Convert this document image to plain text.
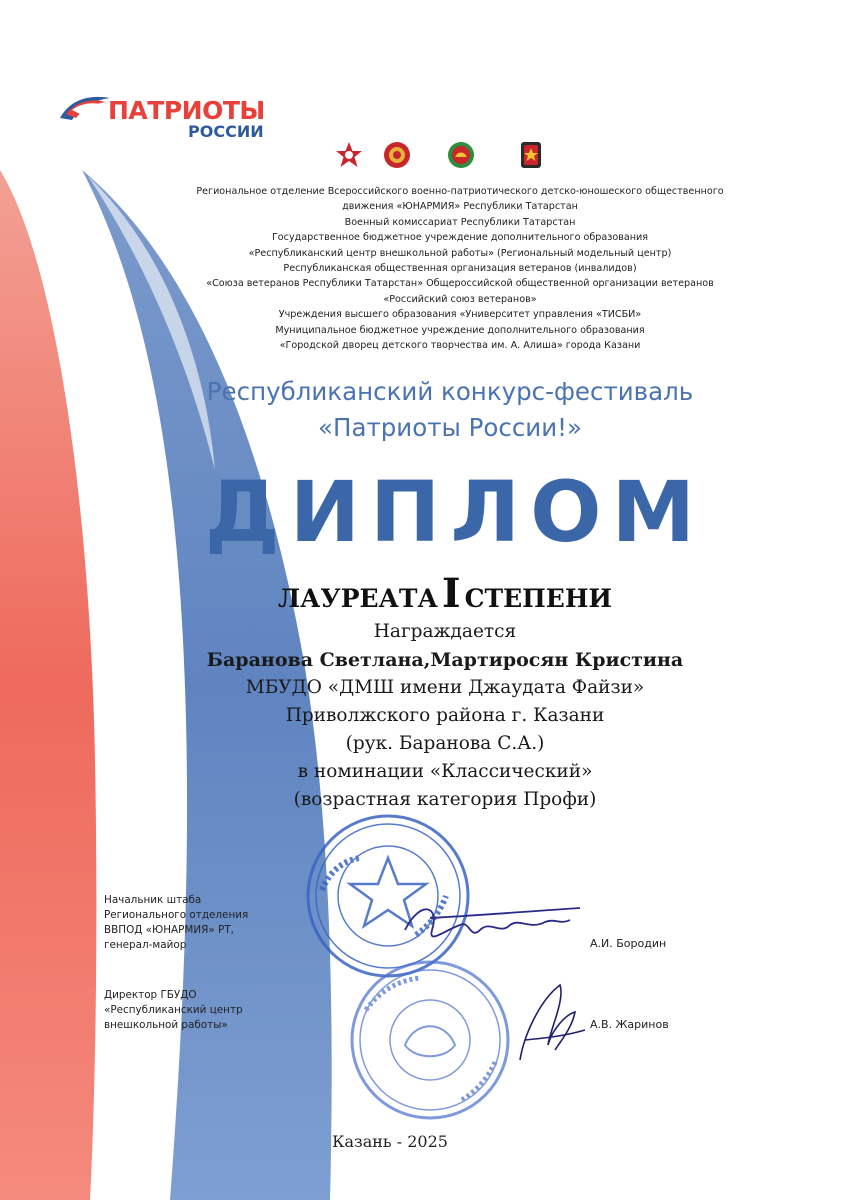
ПАТРИОТЫ
РОССИИ
Региональное отделение Всероссийского военно-патриотического детско-юношеского общественного
движения «ЮНАРМИЯ» Республики Татарстан
Военный комиссариат Республики Татарстан
Государственное бюджетное учреждение дополнительного образования
«Республиканский центр внешкольной работы» (Региональный модельный центр)
Республиканская общественная организация ветеранов (инвалидов)
«Союза ветеранов Республики Татарстан» Общероссийской общественной организации ветеранов
«Российский союз ветеранов»
Учреждения высшего образования «Университет управления «ТИСБИ»
Муниципальное бюджетное учреждение дополнительного образования
«Городской дворец детского творчества им. А. Алиша» города Казани
Республиканский конкурс-фестиваль
«Патриоты России!»
ДИПЛОМ
ЛАУРЕАТА I СТЕПЕНИ
Награждается
Баранова Светлана,Мартиросян Кристина
МБУДО «ДМШ имени Джаудата Файзи»
Приволжского района г. Казани
(рук. Баранова С.А.)
в номинации «Классический»
(возрастная категория Профи)
Начальник штаба
Регионального отделения
ВВПОД «ЮНАРМИЯ» РТ,
генерал-майор	А.И. Бородин
Директор ГБУДО
«Республиканский центр
внешкольной работы»	А.В. Жаринов
Казань - 2025
